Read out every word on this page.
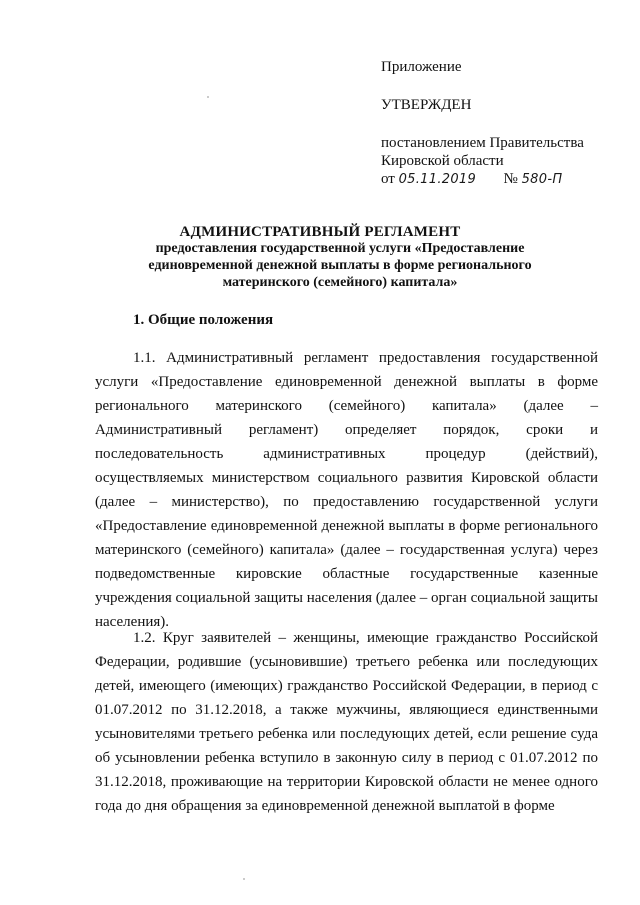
Приложение
УТВЕРЖДЕН
постановлением Правительства
Кировской области
от 05.11.2019 № 580-П
АДМИНИСТРАТИВНЫЙ РЕГЛАМЕНТ
предоставления государственной услуги «Предоставление единовременной денежной выплаты в форме регионального материнского (семейного) капитала»
1. Общие положения

1.1. Административный регламент предоставления государственной услуги «Предоставление единовременной денежной выплаты в форме регионального материнского (семейного) капитала» (далее – Административный регламент) определяет порядок, сроки и последовательность административных процедур (действий), осуществляемых министерством социального развития Кировской области (далее – министерство), по предоставлению государственной услуги «Предоставление единовременной денежной выплаты в форме регионального материнского (семейного) капитала» (далее – государственная услуга) через подведомственные кировские областные государственные казенные учреждения социальной защиты населения (далее – орган социальной защиты населения).

1.2. Круг заявителей – женщины, имеющие гражданство Российской Федерации, родившие (усыновившие) третьего ребенка или последующих детей, имеющего (имеющих) гражданство Российской Федерации, в период с 01.07.2012 по 31.12.2018, а также мужчины, являющиеся единственными усыновителями третьего ребенка или последующих детей, если решение суда об усыновлении ребенка вступило в законную силу в период с 01.07.2012 по 31.12.2018, проживающие на территории Кировской области не менее одного года до дня обращения за единовременной денежной выплатой в форме
